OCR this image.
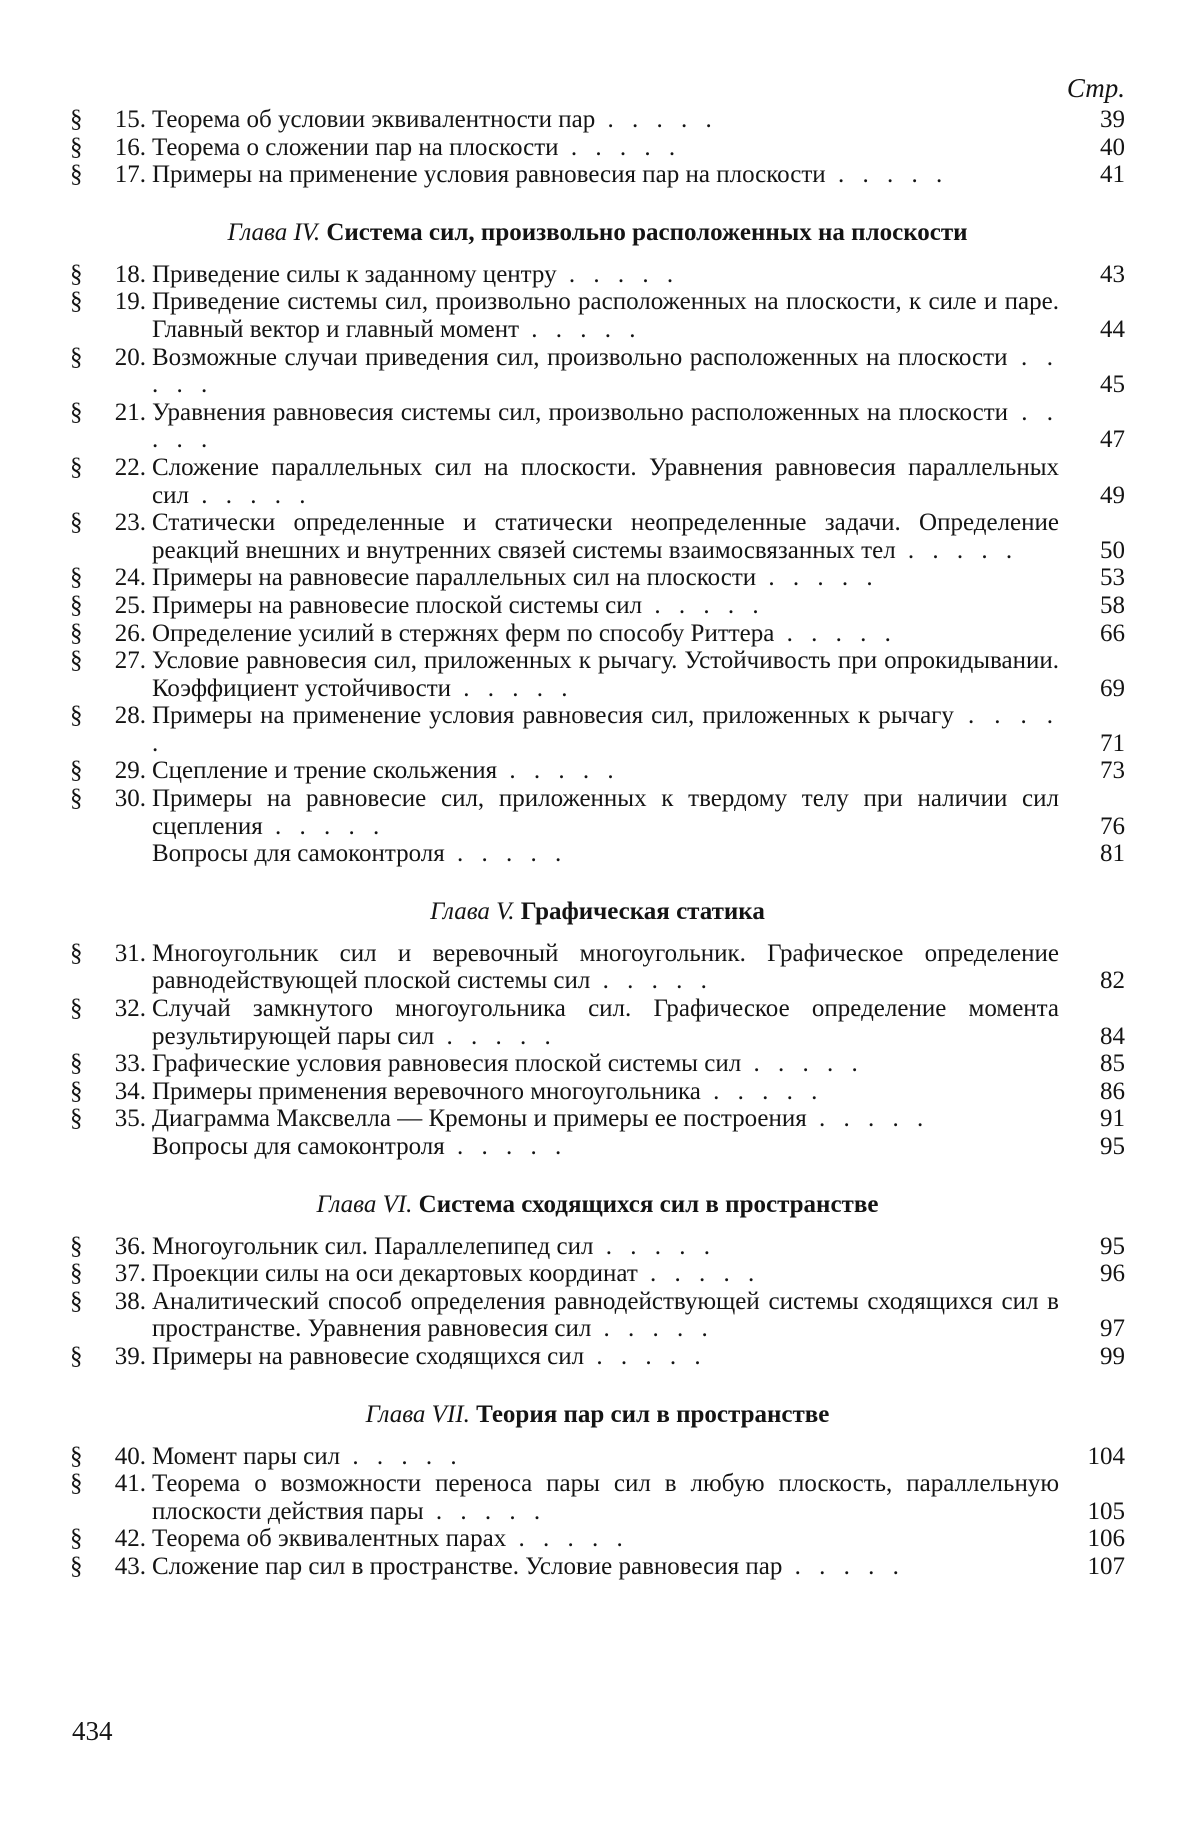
Стр.
§	15. Теорема об условии эквивалентности пар . . . . .	39
§	16. Теорема о сложении пар на плоскости . . . . .	40
§	17. Примеры на применение условия равновесия пар на плоскости . . . . .	41
Глава IV. Система сил, произвольно расположенных на плоскости
§	18. Приведение силы к заданному центру . . . . .	43
§	19. Приведение системы сил, произвольно расположенных на плоскости, к силе и паре. Главный вектор и главный момент . . . . .	44
§	20. Возможные случаи приведения сил, произвольно расположенных на плоскости . . . . .	45
§	21. Уравнения равновесия системы сил, произвольно расположенных на плоскости . . . . .	47
§	22. Сложение параллельных сил на плоскости. Уравнения равновесия параллельных сил . . . . .	49
§	23. Статически определенные и статически неопределенные задачи. Определение реакций внешних и внутренних связей системы взаимосвязанных тел . . . . .	50
§	24. Примеры на равновесие параллельных сил на плоскости . . . . .	53
§	25. Примеры на равновесие плоской системы сил . . . . .	58
§	26. Определение усилий в стержнях ферм по способу Риттера . . . . .	66
§	27. Условие равновесия сил, приложенных к рычагу. Устойчивость при опрокидывании. Коэффициент устойчивости . . . . .	69
§	28. Примеры на применение условия равновесия сил, приложенных к рычагу . . . . .	71
§	29. Сцепление и трение скольжения . . . . .	73
§	30. Примеры на равновесие сил, приложенных к твердому телу при наличии сил сцепления . . . . .	76
Вопросы для самоконтроля . . . . .	81
Глава V. Графическая статика
§	31. Многоугольник сил и веревочный многоугольник. Графическое определение равнодействующей плоской системы сил . . . . .	82
§	32. Случай замкнутого многоугольника сил. Графическое определение момента результирующей пары сил . . . . .	84
§	33. Графические условия равновесия плоской системы сил . . . . .	85
§	34. Примеры применения веревочного многоугольника . . . . .	86
§	35. Диаграмма Максвелла — Кремоны и примеры ее построения . . . . .	91
Вопросы для самоконтроля . . . . .	95
Глава VI. Система сходящихся сил в пространстве
§	36. Многоугольник сил. Параллелепипед сил . . . . .	95
§	37. Проекции силы на оси декартовых координат . . . . .	96
§	38. Аналитический способ определения равнодействующей системы сходящихся сил в пространстве. Уравнения равновесия сил . . . . .	97
§	39. Примеры на равновесие сходящихся сил . . . . .	99
Глава VII. Теория пар сил в пространстве
§	40. Момент пары сил . . . . .	104
§	41. Теорема о возможности переноса пары сил в любую плоскость, параллельную плоскости действия пары . . . . .	105
§	42. Теорема об эквивалентных парах . . . . .	106
§	43. Сложение пар сил в пространстве. Условие равновесия пар . . . . .	107
434
